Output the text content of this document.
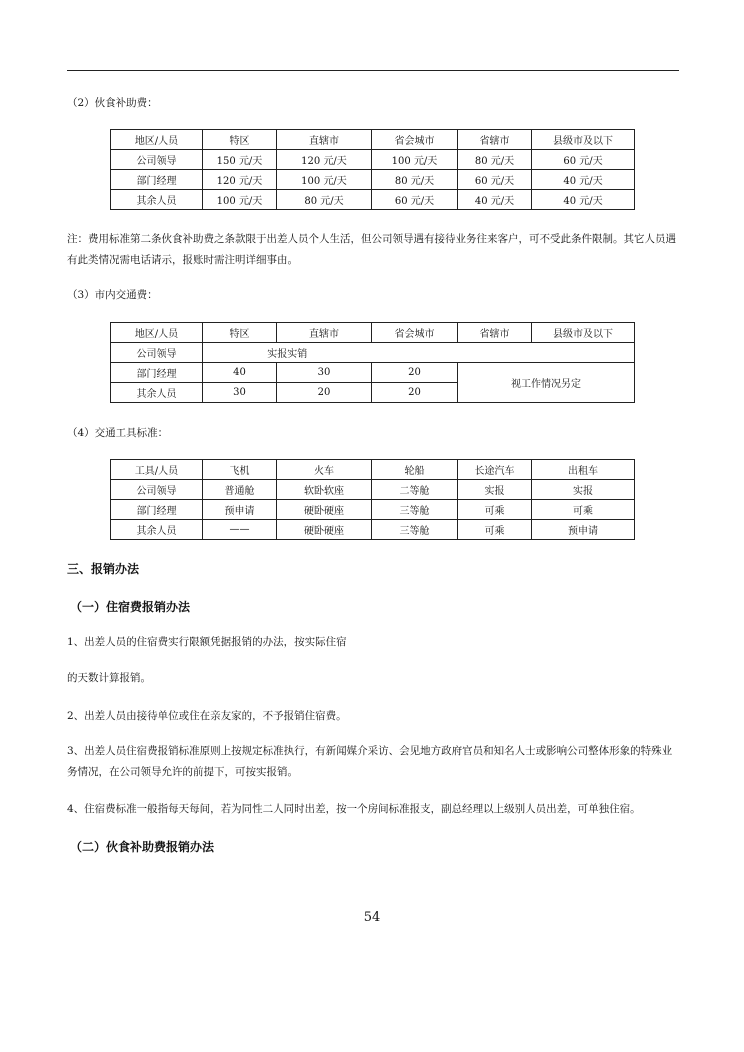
（2）伙食补助费：
地区/人员	特区	直辖市	省会城市	省辖市	县级市及以下
公司领导	150 元/天	120 元/天	100 元/天	80 元/天	60 元/天
部门经理	120 元/天	100 元/天	80 元/天	60 元/天	40 元/天
其余人员	100 元/天	80 元/天	60 元/天	40 元/天	40 元/天
注：费用标准第二条伙食补助费之条款限于出差人员个人生活，但公司领导遇有接待业务往来客户，可不受此条件限制。其它人员遇有此类情况需电话请示，报账时需注明详细事由。
（3）市内交通费：
地区/人员	特区	直辖市	省会城市	省辖市	县级市及以下
公司领导	实报实销				
部门经理	40	30	20	视工作情况另定	
其余人员	30	20	20		
（4）交通工具标准：
工具/人员	飞机	火车	轮船	长途汽车	出租车
公司领导	普通舱	软卧软座	二等舱	实报	实报
部门经理	预申请	硬卧硬座	三等舱	可乘	可乘
其余人员	——	硬卧硬座	三等舱	可乘	预申请
三、报销办法
（一）住宿费报销办法
1、出差人员的住宿费实行限额凭据报销的办法，按实际住宿
的天数计算报销。
2、出差人员由接待单位或住在亲友家的，不予报销住宿费。
3、出差人员住宿费报销标准原则上按规定标准执行，有新闻媒介采访、会见地方政府官员和知名人士或影响公司整体形象的特殊业务情况，在公司领导允许的前提下，可按实报销。
4、住宿费标准一般指每天每间，若为同性二人同时出差，按一个房间标准报支，副总经理以上级别人员出差，可单独住宿。
（二）伙食补助费报销办法
54
